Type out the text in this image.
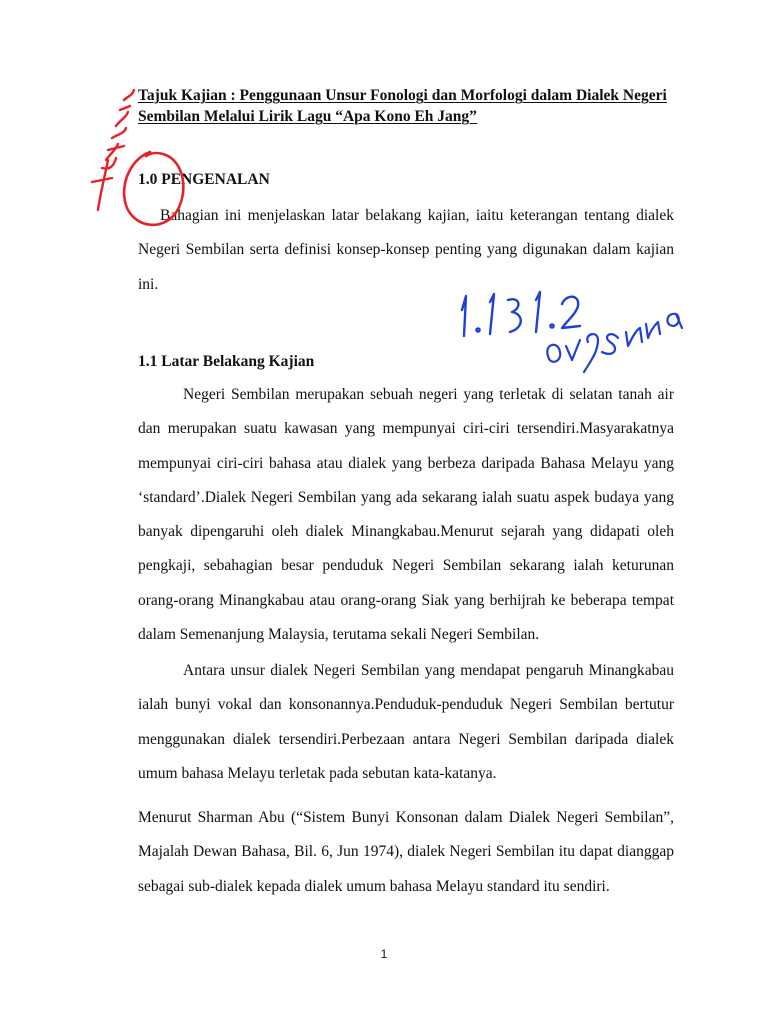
Tajuk Kajian : Penggunaan Unsur Fonologi dan Morfologi dalam Dialek Negeri Sembilan Melalui Lirik Lagu “Apa Kono Eh Jang”
1.0 PENGENALAN
Bahagian ini menjelaskan latar belakang kajian, iaitu keterangan tentang dialek Negeri Sembilan serta definisi konsep-konsep penting yang digunakan dalam kajian ini.
1.1 Latar Belakang Kajian
Negeri Sembilan merupakan sebuah negeri yang terletak di selatan tanah air dan merupakan suatu kawasan yang mempunyai ciri-ciri tersendiri.Masyarakatnya mempunyai ciri-ciri bahasa atau dialek yang berbeza daripada Bahasa Melayu yang ‘standard’.Dialek Negeri Sembilan yang ada sekarang ialah suatu aspek budaya yang banyak dipengaruhi oleh dialek Minangkabau.Menurut sejarah yang didapati oleh pengkaji, sebahagian besar penduduk Negeri Sembilan sekarang ialah keturunan orang-orang Minangkabau atau orang-orang Siak yang berhijrah ke beberapa tempat dalam Semenanjung Malaysia, terutama sekali Negeri Sembilan.
Antara unsur dialek Negeri Sembilan yang mendapat pengaruh Minangkabau ialah bunyi vokal dan konsonannya.Penduduk-penduduk Negeri Sembilan bertutur menggunakan dialek tersendiri.Perbezaan antara Negeri Sembilan daripada dialek umum bahasa Melayu terletak pada sebutan kata-katanya.
Menurut Sharman Abu (“Sistem Bunyi Konsonan dalam Dialek Negeri Sembilan”, Majalah Dewan Bahasa, Bil. 6, Jun 1974), dialek Negeri Sembilan itu dapat dianggap sebagai sub-dialek kepada dialek umum bahasa Melayu standard itu sendiri.
1
